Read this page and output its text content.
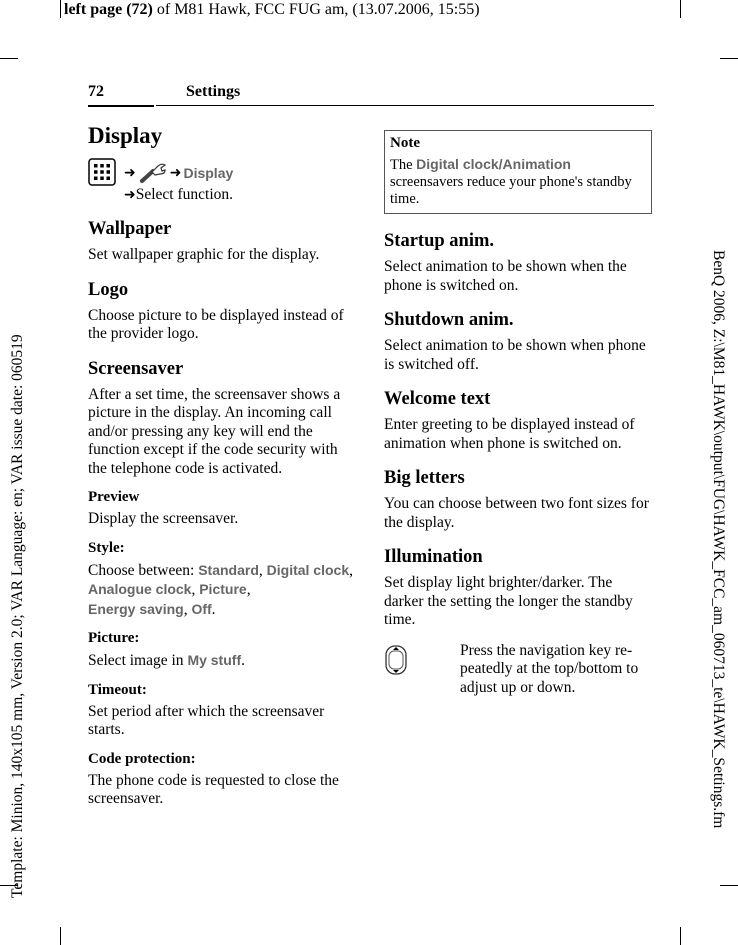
left page (72) of M81 Hawk, FCC FUG am, (13.07.2006, 15:55)
Template: Minion, 140x105 mm, Version 2.0; VAR Language: en; VAR issue date: 060519	BenQ 2006, Z:\M81_HAWK\output\FUG\HAWK_FCC_am_060713_te\HAWK_Settings.fm
72	Settings
Display
➜ ➜ Display
➜Select function.
Wallpaper

Set wallpaper graphic for the display.

Logo

Choose picture to be displayed instead of the provider logo.

Screensaver

After a set time, the screensaver shows a picture in the display. An incoming call and/or pressing any key will end the function except if the code security with the telephone code is activated.

Preview

Display the screensaver.

Style:

Choose between: Standard, Digital clock, Analogue clock, Picture,
Energy saving, Off.

Picture:

Select image in My stuff.

Timeout:

Set period after which the screensaver starts.

Code protection:

The phone code is requested to close the screensaver.

Note
The Digital clock/Animation screensavers reduce your phone's standby time.
Startup anim.

Select animation to be shown when the phone is switched on.

Shutdown anim.

Select animation to be shown when phone is switched off.

Welcome text

Enter greeting to be displayed instead of animation when phone is switched on.

Big letters

You can choose between two font sizes for the display.

Illumination

Set display light brighter/darker. The darker the setting the longer the standby time.

Press the navigation key re-peatedly at the top/bottom to adjust up or down.
